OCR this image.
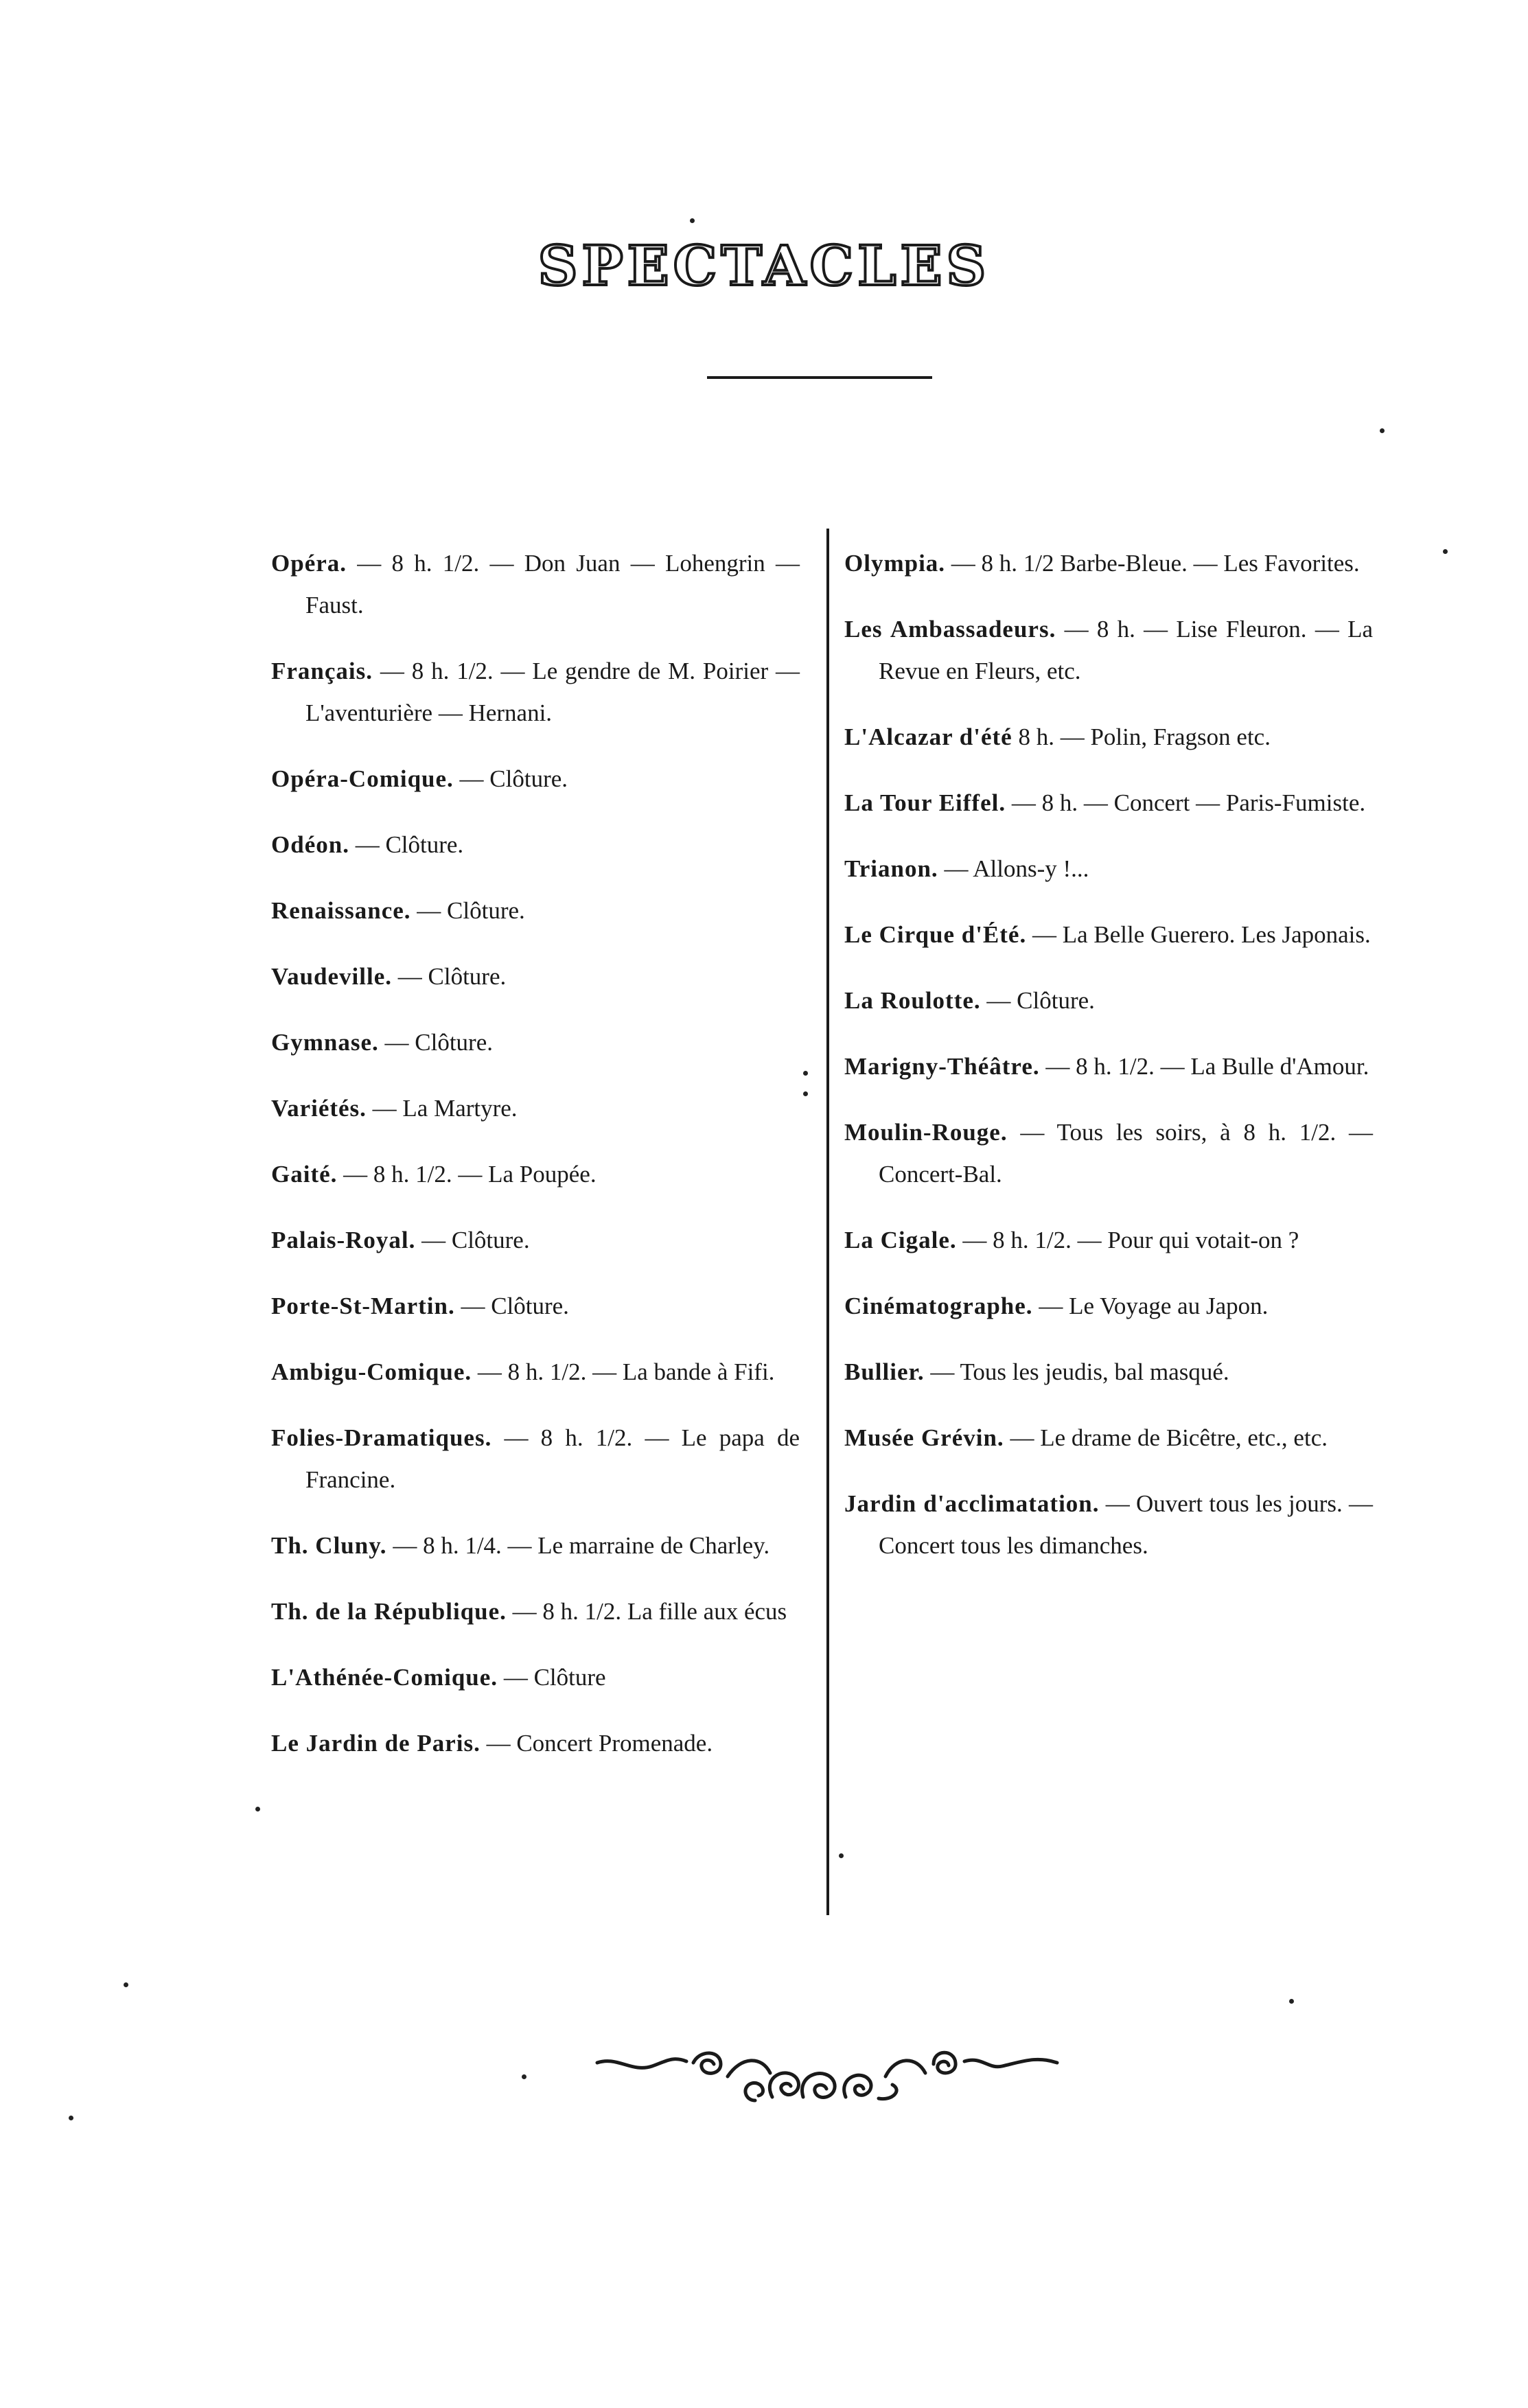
SPECTACLES

Opéra. — 8 h. 1/2. — Don Juan — Lohengrin — Faust.

Français. — 8 h. 1/2. — Le gendre de M. Poirier — L'aventurière — Hernani.

Opéra-Comique. — Clôture.

Odéon. — Clôture.

Renaissance. — Clôture.

Vaudeville. — Clôture.

Gymnase. — Clôture.

Variétés. — La Martyre.

Gaité. — 8 h. 1/2. — La Poupée.

Palais-Royal. — Clôture.

Porte-St-Martin. — Clôture.

Ambigu-Comique. — 8 h. 1/2. — La bande à Fifi.

Folies-Dramatiques. — 8 h. 1/2. — Le papa de Francine.

Th. Cluny. — 8 h. 1/4. — Le marraine de Charley.

Th. de la République. — 8 h. 1/2. La fille aux écus

L'Athénée-Comique. — Clôture

Le Jardin de Paris. — Concert Promenade.

Olympia. — 8 h. 1/2 Barbe-Bleue. — Les Favorites.

Les Ambassadeurs. — 8 h. — Lise Fleuron. — La Revue en Fleurs, etc.

L'Alcazar d'été 8 h. — Polin, Fragson etc.

La Tour Eiffel. — 8 h. — Concert — Paris-Fumiste.

Trianon. — Allons-y !...

Le Cirque d'Été. — La Belle Guerero. Les Japonais.

La Roulotte. — Clôture.

Marigny-Théâtre. — 8 h. 1/2. — La Bulle d'Amour.

Moulin-Rouge. — Tous les soirs, à 8 h. 1/2. — Concert-Bal.

La Cigale. — 8 h. 1/2. — Pour qui votait-on ?

Cinématographe. — Le Voyage au Japon.

Bullier. — Tous les jeudis, bal masqué.

Musée Grévin. — Le drame de Bicêtre, etc., etc.

Jardin d'acclimatation. — Ouvert tous les jours. — Concert tous les dimanches.
